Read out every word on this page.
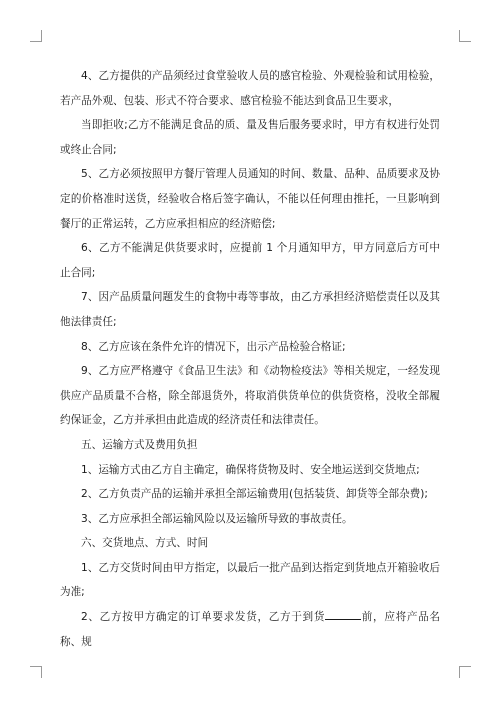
4、乙方提供的产品须经过食堂验收人员的感官检验、外观检验和试用检验，若产品外观、包装、形式不符合要求、感官检验不能达到食品卫生要求，

当即拒收;乙方不能满足食品的质、量及售后服务要求时，甲方有权进行处罚或终止合同;

5、乙方必须按照甲方餐厅管理人员通知的时间、数量、品种、品质要求及协定的价格准时送货，经验收合格后签字确认，不能以任何理由推托，一旦影响到餐厅的正常运转，乙方应承担相应的经济赔偿;

6、乙方不能满足供货要求时，应提前 1 个月通知甲方，甲方同意后方可中止合同;

7、因产品质量问题发生的食物中毒等事故，由乙方承担经济赔偿责任以及其他法律责任;

8、乙方应该在条件允许的情况下，出示产品检验合格证;

9、乙方应严格遵守《食品卫生法》和《动物检疫法》等相关规定，一经发现供应产品质量不合格，除全部退货外，将取消供货单位的供货资格，没收全部履约保证金，乙方并承担由此造成的经济责任和法律责任。

五、运输方式及费用负担

1、运输方式由乙方自主确定，确保将货物及时、安全地运送到交货地点;

2、乙方负责产品的运输并承担全部运输费用(包括装货、卸货等全部杂费);

3、乙方应承担全部运输风险以及运输所导致的事故责任。

六、交货地点、方式、时间

1、乙方交货时间由甲方指定，以最后一批产品到达指定到货地点开箱验收后为准;

2、乙方按甲方确定的订单要求发货，乙方于到货	前，应将产品名称、规
